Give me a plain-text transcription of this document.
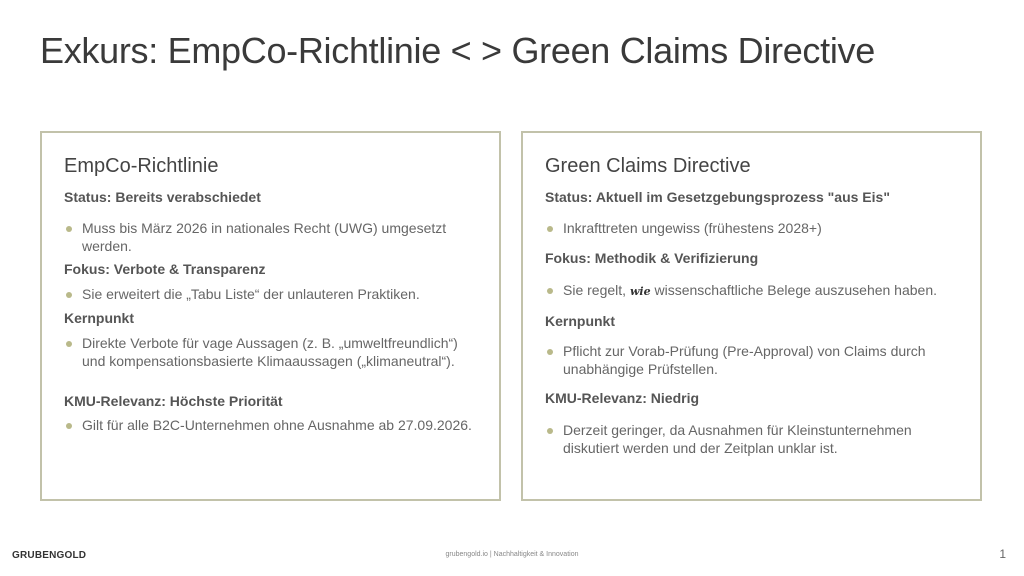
Exkurs: EmpCo-Richtlinie < > Green Claims Directive
EmpCo-Richtlinie
Status: Bereits verabschiedet
Muss bis März 2026 in nationales Recht (UWG) umgesetzt werden.
Fokus: Verbote & Transparenz
Sie erweitert die „Tabu Liste“ der unlauteren Praktiken.
Kernpunkt
Direkte Verbote für vage Aussagen (z. B. „umweltfreundlich“) und kompensationsbasierte Klimaaussagen („klimaneutral“).
KMU-Relevanz: Höchste Priorität
Gilt für alle B2C-Unternehmen ohne Ausnahme ab 27.09.2026.
Green Claims Directive
Status: Aktuell im Gesetzgebungsprozess "aus Eis"
Inkrafttreten ungewiss (frühestens 2028+)
Fokus: Methodik & Verifizierung
Sie regelt, wie wissenschaftliche Belege auszusehen haben.
Kernpunkt
Pflicht zur Vorab-Prüfung (Pre-Approval) von Claims durch unabhängige Prüfstellen.
KMU-Relevanz: Niedrig
Derzeit geringer, da Ausnahmen für Kleinstunternehmen diskutiert werden und der Zeitplan unklar ist.
GRUBENGOLD	grubengold.io | Nachhaltigkeit & Innovation	1
